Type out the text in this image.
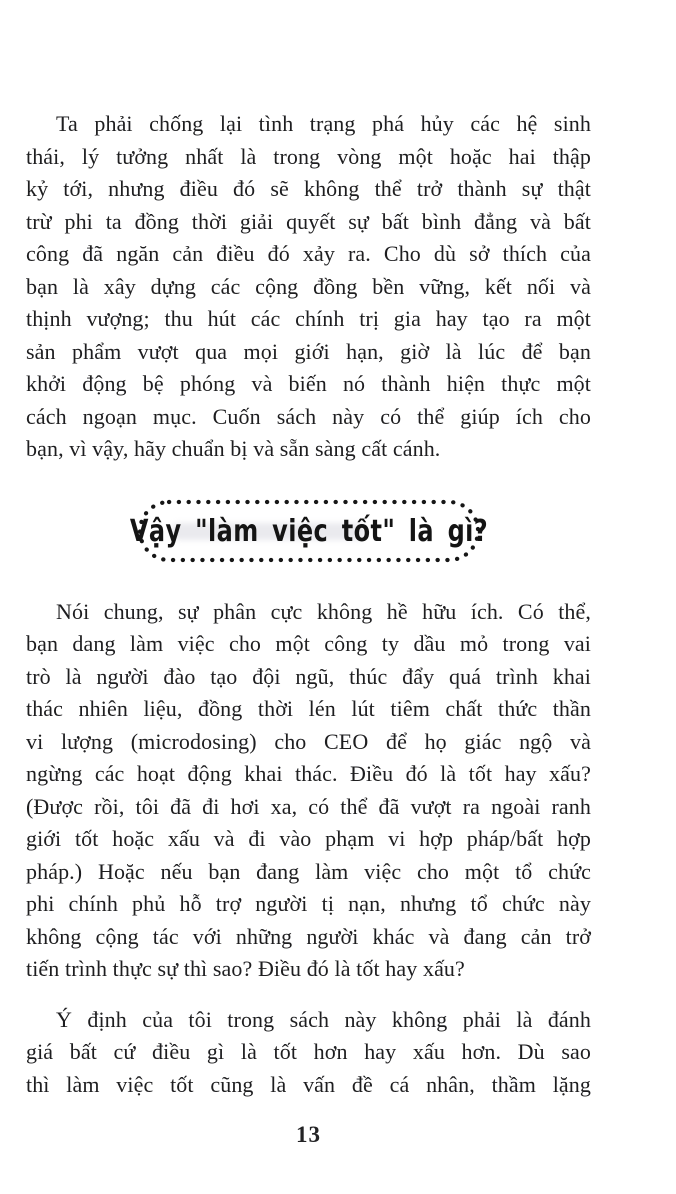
Ta phải chống lại tình trạng phá hủy các hệ sinh
thái, lý tưởng nhất là trong vòng một hoặc hai thập
kỷ tới, nhưng điều đó sẽ không thể trở thành sự thật
trừ phi ta đồng thời giải quyết sự bất bình đẳng và bất
công đã ngăn cản điều đó xảy ra. Cho dù sở thích của
bạn là xây dựng các cộng đồng bền vững, kết nối và
thịnh vượng; thu hút các chính trị gia hay tạo ra một
sản phẩm vượt qua mọi giới hạn, giờ là lúc để bạn
khởi động bệ phóng và biến nó thành hiện thực một
cách ngoạn mục. Cuốn sách này có thể giúp ích cho
bạn, vì vậy, hãy chuẩn bị và sẵn sàng cất cánh.
Vậy "làm việc tốt" là gì?
Nói chung, sự phân cực không hề hữu ích. Có thể,
bạn dang làm việc cho một công ty dầu mỏ trong vai
trò là người đào tạo đội ngũ, thúc đẩy quá trình khai
thác nhiên liệu, đồng thời lén lút tiêm chất thức thần
vi lượng (microdosing) cho CEO để họ giác ngộ và
ngừng các hoạt động khai thác. Điều đó là tốt hay xấu?
(Được rồi, tôi đã đi hơi xa, có thể đã vượt ra ngoài ranh
giới tốt hoặc xấu và đi vào phạm vi hợp pháp/bất hợp
pháp.) Hoặc nếu bạn đang làm việc cho một tổ chức
phi chính phủ hỗ trợ người tị nạn, nhưng tổ chức này
không cộng tác với những người khác và đang cản trở
tiến trình thực sự thì sao? Điều đó là tốt hay xấu?
Ý định của tôi trong sách này không phải là đánh
giá bất cứ điều gì là tốt hơn hay xấu hơn. Dù sao
thì làm việc tốt cũng là vấn đề cá nhân, thầm lặng
13
